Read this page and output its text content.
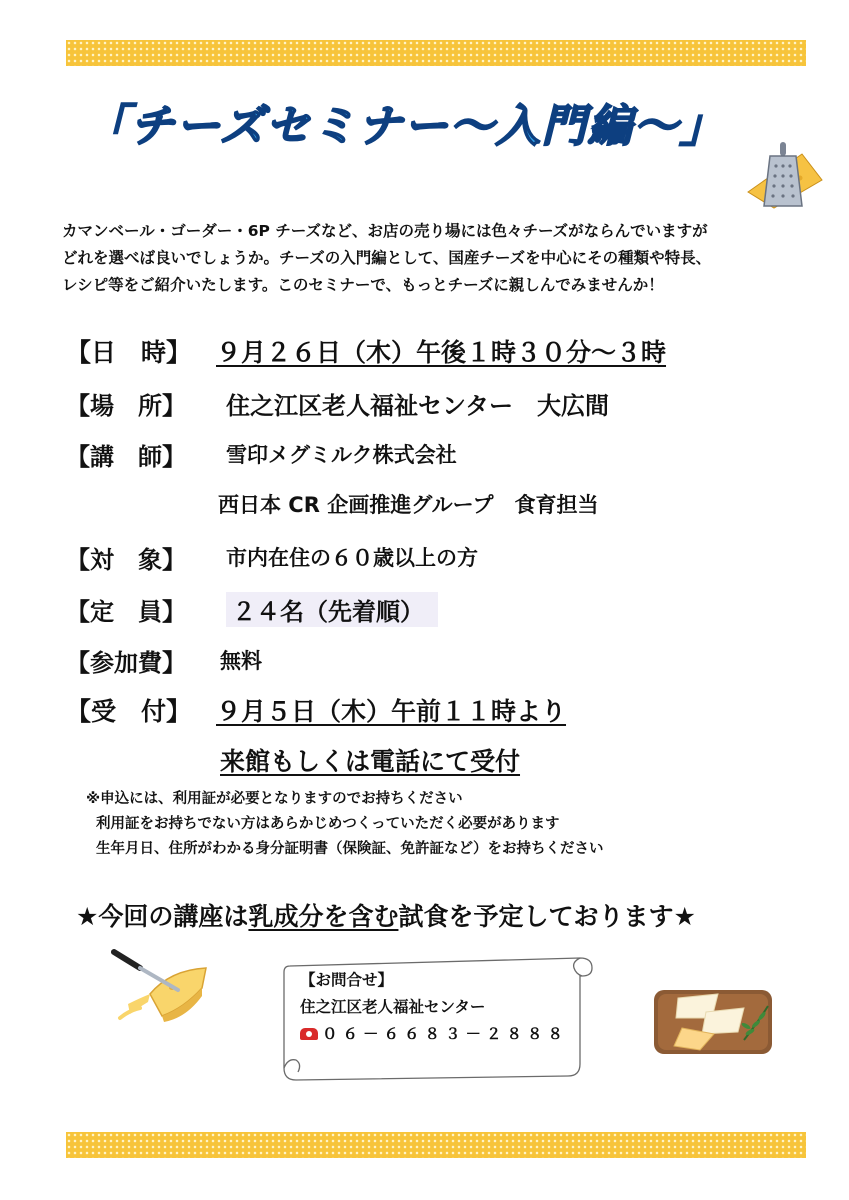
「チーズセミナー～入門編～」

カマンベール・ゴーダー・6P チーズなど、お店の売り場には色々チーズがならんでいますが

どれを選べば良いでしょうか。チーズの入門編として、国産チーズを中心にその種類や特長、

レシピ等をご紹介いたします。このセミナーで、もっとチーズに親しんでみませんか！

【日　時】 ９月２６日（木）午後１時３０分～３時
【場　所】 住之江区老人福祉センター　大広間
【講　師】 雪印メグミルク株式会社
西日本 CR 企画推進グループ　食育担当
【対　象】 市内在住の６０歳以上の方
【定　員】 ２４名（先着順）
【参加費】 無料
【受　付】 ９月５日（木）午前１１時より
来館もしくは電話にて受付

※申込には、利用証が必要となりますのでお持ちください

利用証をお持ちでない方はあらかじめつくっていただく必要があります

生年月日、住所がわかる身分証明書（保険証、免許証など）をお持ちください

★今回の講座は乳成分を含む試食を予定しております★

【お問合せ】

住之江区老人福祉センター

０６－６６８３－２８８８
